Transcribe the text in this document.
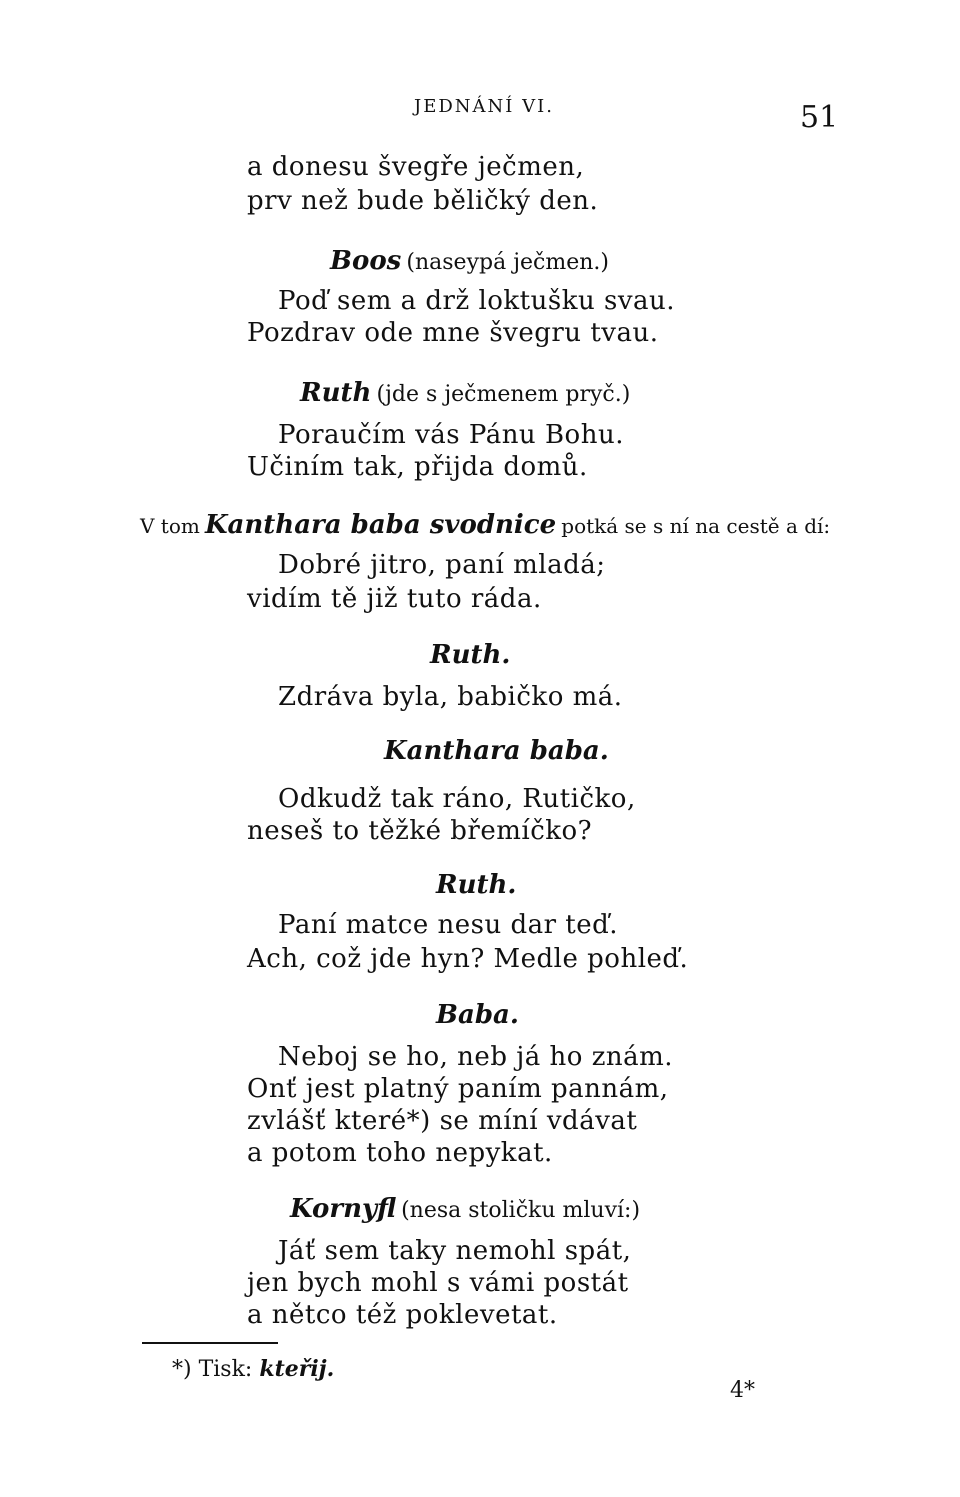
JEDNÁNÍ VI.	51
a donesu švegře ječmen,
prv než bude běličký den.
Boos (naseypá ječmen.)
Poď sem a drž loktušku svau.
Pozdrav ode mne švegru tvau.
Ruth (jde s ječmenem pryč.)
Poraučím vás Pánu Bohu.
Učiním tak, přijda domů.
V tom Kanthara baba svodnice potká se s ní na cestě a dí:
Dobré jitro, paní mladá;
vidím tě již tuto ráda.
Ruth.
Zdráva byla, babičko má.
Kanthara baba.
Odkudž tak ráno, Rutičko,
neseš to těžké břemíčko?
Ruth.
Paní matce nesu dar teď.
Ach, což jde hyn? Medle pohleď.
Baba.
Neboj se ho, neb já ho znám.
Onť jest platný paním pannám,
zvlášť které*) se míní vdávat
a potom toho nepykat.
Kornyfl (nesa stoličku mluví:)
Jáť sem taky nemohl spát,
jen bych mohl s vámi postát
a nětco též poklevetat.
*) Tisk: kteřij.
4*
